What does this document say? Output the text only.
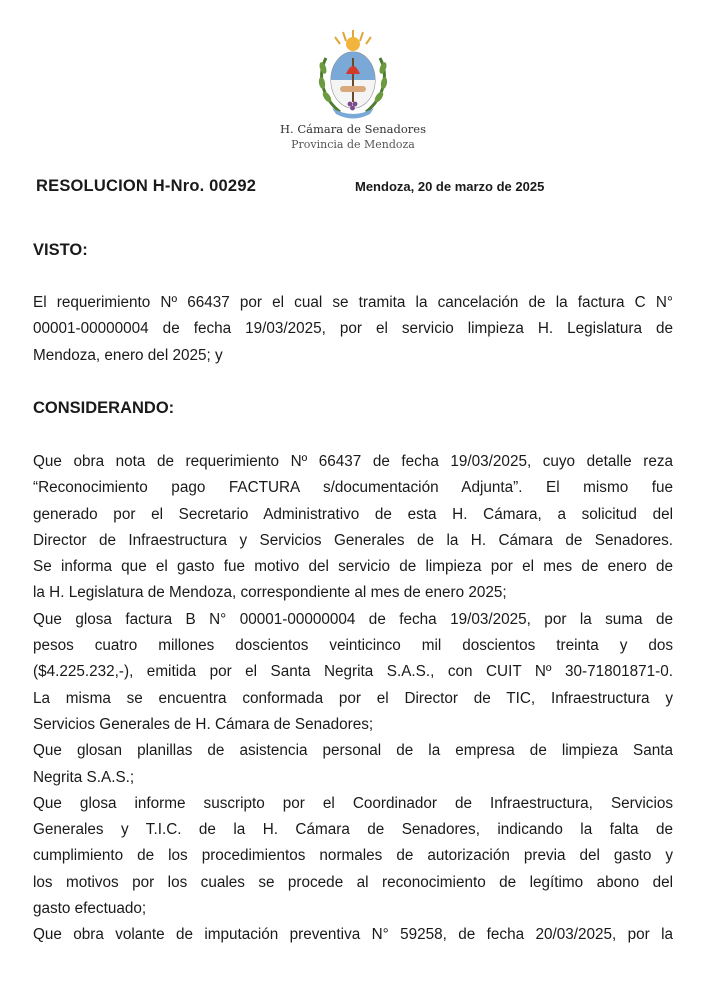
H. Cámara de Senadores
Provincia de Mendoza
RESOLUCION H-Nro. 00292	Mendoza, 20 de marzo de 2025
VISTO:
El requerimiento Nº 66437 por el cual se tramita la cancelación de la factura C N°
00001-00000004 de fecha 19/03/2025, por el servicio limpieza H. Legislatura de
Mendoza, enero del 2025; y
CONSIDERANDO:
Que obra nota de requerimiento Nº 66437 de fecha 19/03/2025, cuyo detalle reza
“Reconocimiento pago FACTURA s/documentación Adjunta”. El mismo fue
generado por el Secretario Administrativo de esta H. Cámara, a solicitud del
Director de Infraestructura y Servicios Generales de la H. Cámara de Senadores.
Se informa que el gasto fue motivo del servicio de limpieza por el mes de enero de
la H. Legislatura de Mendoza, correspondiente al mes de enero 2025;
Que glosa factura B N° 00001-00000004 de fecha 19/03/2025, por la suma de
pesos cuatro millones doscientos veinticinco mil doscientos treinta y dos
($4.225.232,-), emitida por el Santa Negrita S.A.S., con CUIT Nº 30-71801871-0.
La misma se encuentra conformada por el Director de TIC, Infraestructura y
Servicios Generales de H. Cámara de Senadores;
Que glosan planillas de asistencia personal de la empresa de limpieza Santa
Negrita S.A.S.;
Que glosa informe suscripto por el Coordinador de Infraestructura, Servicios
Generales y T.I.C. de la H. Cámara de Senadores, indicando la falta de
cumplimiento de los procedimientos normales de autorización previa del gasto y
los motivos por los cuales se procede al reconocimiento de legítimo abono del
gasto efectuado;
Que obra volante de imputación preventiva N° 59258, de fecha 20/03/2025, por la
